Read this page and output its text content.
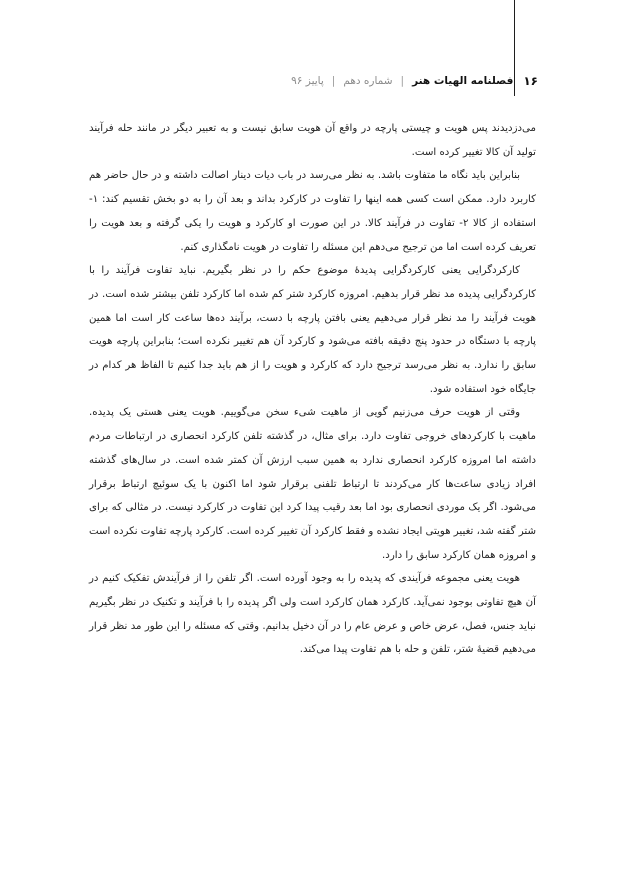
۱۶
فصلنامه الهیات هنر
|
شماره دهم
|
پاییز ۹۶

می‌دزدیدند پس هویت و چیستی پارچه در واقع آن هویت سابق نیست و به تعبیر دیگر در مانند حله فرآیند تولید آن کالا تغییر کرده است.

بنابراین باید نگاه ما متفاوت باشد. به نظر می‌رسد در باب دیات دینار اصالت داشته و در حال حاضر هم کاربرد دارد. ممکن است کسی همه اینها را تفاوت در کارکرد بداند و بعد آن را به دو بخش تقسیم کند: ۱- استفاده از کالا ۲- تفاوت در فرآیند کالا. در این صورت او کارکرد و هویت را یکی گرفته و بعد هویت را تعریف کرده است اما من ترجیح می‌دهم این مسئله را تفاوت در هویت نامگذاری کنم.

کارکردگرایی یعنی کارکردگرایی پدیدهٔ موضوع حکم را در نظر بگیریم. نباید تفاوت فرآیند را با کارکردگرایی پدیده مد نظر قرار بدهیم. امروزه کارکرد شتر کم شده اما کارکرد تلفن بیشتر شده است. در هویت فرآیند را مد نظر قرار می‌دهیم یعنی بافتن پارچه با دست، برآیند ده‌ها ساعت کار است اما همین پارچه با دستگاه در حدود پنج دقیقه بافته می‌شود و کارکرد آن هم تغییر نکرده است؛ بنابراین پارچه هویت سابق را ندارد. به نظر می‌رسد ترجیح دارد که کارکرد و هویت را از هم باید جدا کنیم تا الفاظ هر کدام در جایگاه خود استفاده شود.

وقتی از هویت حرف می‌زنیم گویی از ماهیت شیء سخن می‌گوییم. هویت یعنی هستی یک پدیده. ماهیت با کارکردهای خروجی تفاوت دارد. برای مثال، در گذشته تلفن کارکرد انحصاری در ارتباطات مردم داشته اما امروزه کارکرد انحصاری ندارد به همین سبب ارزش آن کمتر شده است. در سال‌های گذشته افراد زیادی ساعت‌ها کار می‌کردند تا ارتباط تلفنی برقرار شود اما اکنون با یک سوئیچ ارتباط برقرار می‌شود. اگر یک موردی انحصاری بود اما بعد رقیب پیدا کرد این تفاوت در کارکرد نیست. در مثالی که برای شتر گفته شد، تغییر هویتی ایجاد نشده و فقط کارکرد آن تغییر کرده است. کارکرد پارچه تفاوت نکرده است و امروزه همان کارکرد سابق را دارد.

هویت یعنی مجموعه فرآیندی که پدیده را به وجود آورده است. اگر تلفن را از فرآیندش تفکیک کنیم در آن هیچ تفاوتی بوجود نمی‌آید. کارکرد همان کارکرد است ولی اگر پدیده را با فرآیند و تکنیک در نظر بگیریم نباید جنس، فصل، عرض خاص و عرض عام را در آن دخیل بدانیم. وقتی که مسئله را این طور مد نظر قرار می‌دهیم قضیهٔ شتر، تلفن و حله با هم تفاوت پیدا می‌کند.
